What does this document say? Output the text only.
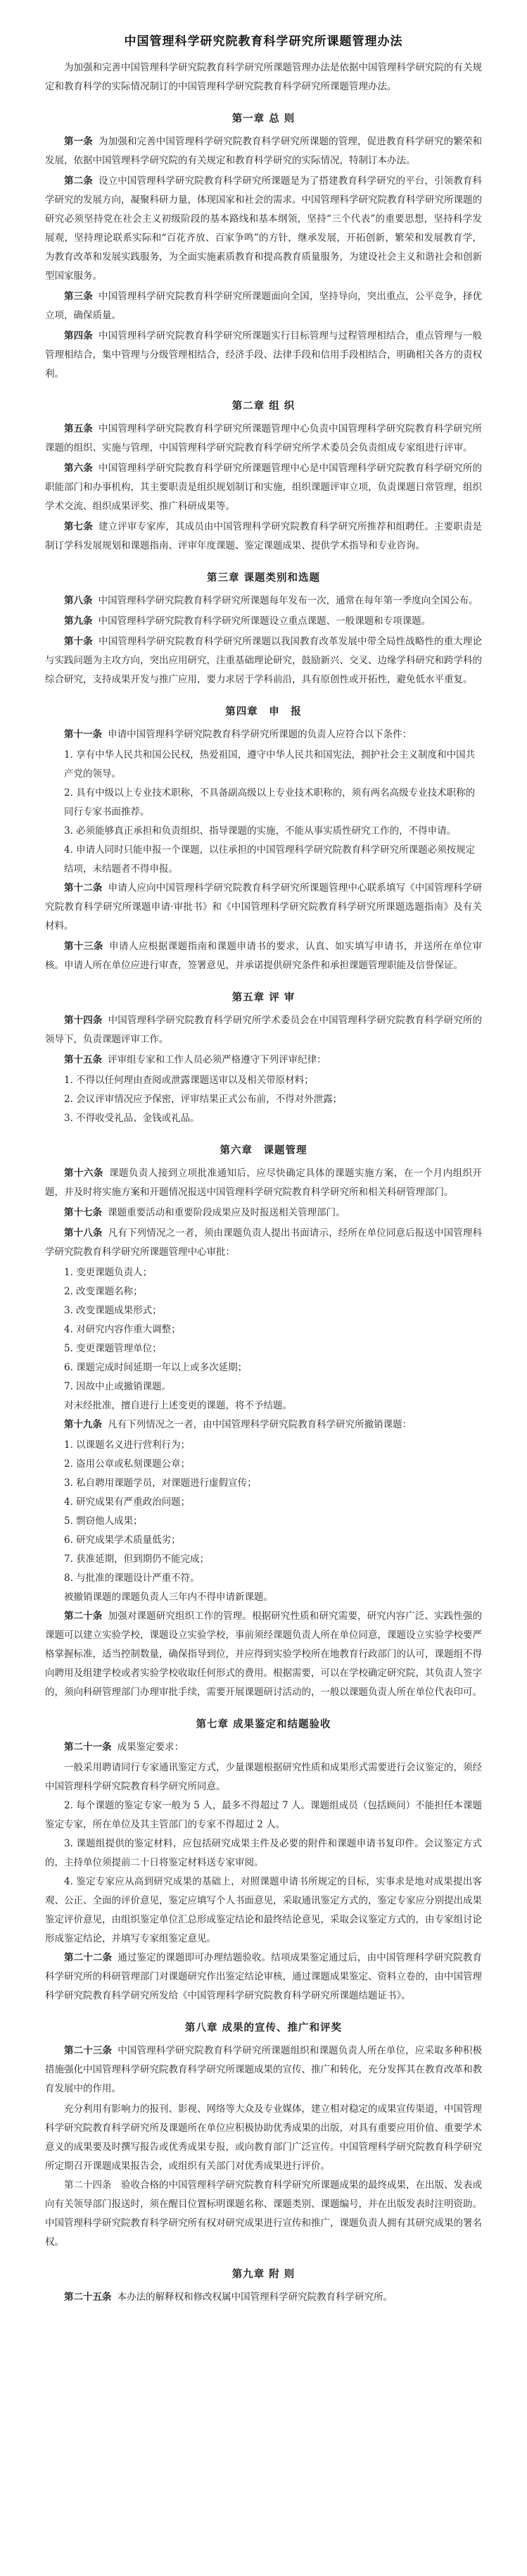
中国管理科学研究院教育科学研究所课题管理办法

为加强和完善中国管理科学研究院教育科学研究所课题管理办法是依据中国管理科学研究院的有关规定和教育科学的实际情况制订的中国管理科学研究院教育科学研究所课题管理办法。

第一章 总 则

第一条 为加强和完善中国管理科学研究院教育科学研究所课题的管理，促进教育科学研究的繁荣和发展，依据中国管理科学研究院的有关规定和教育科学研究的实际情况，特制订本办法。

第二条 设立中国管理科学研究院教育科学研究所课题是为了搭建教育科学研究的平台，引领教育科学研究的发展方向，凝聚科研力量，体现国家和社会的需求。中国管理科学研究院教育科学研究所课题的研究必须坚持党在社会主义初级阶段的基本路线和基本纲领，坚持“三个代表”的重要思想，坚持科学发展观，坚持理论联系实际和“百花齐放、百家争鸣”的方针，继承发展，开拓创新，繁荣和发展教育学，为教育改革和发展实践服务，为全面实施素质教育和提高教育质量服务，为建设社会主义和谐社会和创新型国家服务。

第三条 中国管理科学研究院教育科学研究所课题面向全国，坚持导向，突出重点，公平竞争，择优立项，确保质量。

第四条 中国管理科学研究院教育科学研究所课题实行目标管理与过程管理相结合，重点管理与一般管理相结合，集中管理与分级管理相结合，经济手段、法律手段和信用手段相结合，明确相关各方的责权利。

第二章 组 织

第五条 中国管理科学研究院教育科学研究所课题管理中心负责中国管理科学研究院教育科学研究所课题的组织、实施与管理，中国管理科学研究院教育科学研究所学术委员会负责组成专家组进行评审。

第六条 中国管理科学研究院教育科学研究所课题管理中心是中国管理科学研究院教育科学研究所的职能部门和办事机构，其主要职责是组织规划制订和实施，组织课题评审立项，负责课题日常管理，组织学术交流、组织成果评奖、推广科研成果等。

第七条 建立评审专家库，其成员由中国管理科学研究院教育科学研究所推荐和组聘任。主要职责是制订学科发展规划和课题指南、评审年度课题、鉴定课题成果、提供学术指导和专业咨询。

第三章 课题类别和选题

第八条 中国管理科学研究院教育科学研究所课题每年发布一次，通常在每年第一季度向全国公布。

第九条 中国管理科学研究院教育科学研究所课题设立重点课题、一般课题和专项课题。

第十条 中国管理科学研究院教育科学研究所课题以我国教育改革发展中带全局性战略性的重大理论与实践问题为主攻方向，突出应用研究，注重基础理论研究，鼓励新兴、交叉、边缘学科研究和跨学科的综合研究，支持成果开发与推广应用，要力求居于学科前沿，具有原创性或开拓性，避免低水平重复。

第四章　申　报

第十一条 申请中国管理科学研究院教育科学研究所课题的负责人应符合以下条件：

1. 享有中华人民共和国公民权，热爱祖国，遵守中华人民共和国宪法，拥护社会主义制度和中国共产党的领导。

2. 具有中级以上专业技术职称，不具备副高级以上专业技术职称的，须有两名高级专业技术职称的同行专家书面推荐。

3. 必须能够真正承担和负责组织、指导课题的实施，不能从事实质性研究工作的，不得申请。

4. 申请人同时只能申报一个课题，以往承担的中国管理科学研究院教育科学研究所课题必须按规定结项，未结题者不得申报。

第十二条 申请人应向中国管理科学研究院教育科学研究所课题管理中心联系填写《中国管理科学研究院教育科学研究所课题申请·审批书》和《中国管理科学研究院教育科学研究所课题选题指南》及有关材料。

第十三条 申请人应根据课题指南和课题申请书的要求，认真、如实填写申请书，并送所在单位审核。申请人所在单位应进行审查，签署意见，并承诺提供研究条件和承担课题管理职能及信誉保证。

第五章 评 审

第十四条 中国管理科学研究院教育科学研究所学术委员会在中国管理科学研究院教育科学研究所的领导下，负责课题评审工作。

第十五条 评审组专家和工作人员必须严格遵守下列评审纪律：

1. 不得以任何理由查阅或泄露课题送审以及相关带原材料；

2. 会议评审情况应予保密，评审结果正式公布前，不得对外泄露；

3. 不得收受礼品、金钱或礼品。

第六章　课题管理

第十六条 课题负责人接到立项批准通知后，应尽快确定具体的课题实施方案，在一个月内组织开题，并及时将实施方案和开题情况报送中国管理科学研究院教育科学研究所和相关科研管理部门。

第十七条 课题重要活动和重要阶段成果应及时报送相关管理部门。

第十八条 凡有下列情况之一者，须由课题负责人提出书面请示，经所在单位同意后报送中国管理科学研究院教育科学研究所课题管理中心审批：

1. 变更课题负责人；

2. 改变课题名称；

3. 改变课题成果形式；

4. 对研究内容作重大调整；

5. 变更课题管理单位；

6. 课题完成时间延期一年以上或多次延期；

7. 因故中止或撤销课题。

对未经批准，擅自进行上述变更的课题，将不予结题。

第十九条 凡有下列情况之一者，由中国管理科学研究院教育科学研究所撤销课题：

1. 以课题名义进行营利行为；

2. 盗用公章或私刻课题公章；

3. 私自聘用课题学员，对课题进行虚假宣传；

4. 研究成果有严重政治问题；

5. 剽窃他人成果；

6. 研究成果学术质量低劣；

7. 获准延期，但到期仍不能完成；

8. 与批准的课题设计严重不符。

被撤销课题的课题负责人三年内不得申请新课题。

第二十条 加强对课题研究组织工作的管理。根据研究性质和研究需要，研究内容广泛、实践性强的课题可以建立实验学校，课题设立实验学校，事前须经课题负责人所在单位同意，课题设立实验学校要严格掌握标准，适当控制数量，确保指导到位，并应得到实验学校所在地教育行政部门的认可，课题组不得向聘用及组建学校或者实验学校收取任何形式的费用。根据需要，可以在学校确定研究院，其负责人签字的，须向科研管理部门办理审批手续，需要开展课题研讨活动的，一般以课题负责人所在单位代表印可。

第七章 成果鉴定和结题验收

第二十一条 成果鉴定要求：

一般采用聘请同行专家通讯鉴定方式，少量课题根据研究性质和成果形式需要进行会议鉴定的，须经中国管理科学研究院教育科学研究所同意。

2. 每个课题的鉴定专家一般为 5 人，最多不得超过 7 人。课题组成员（包括顾问）不能担任本课题鉴定专家，所在单位及其主管部门的专家不得超过 2 人。

3. 课题组提供的鉴定材料，应包括研究成果主件及必要的附件和课题申请书复印件。会议鉴定方式的，主持单位须提前二十日将鉴定材料送专家审阅。

4. 鉴定专家应从高到研究成果的基础上，对照课题申请书所规定的目标，实事求是地对成果提出客观、公正、全面的评价意见，鉴定应填写个人书面意见，采取通讯鉴定方式的，鉴定专家应分别提出成果鉴定评价意见，由组织鉴定单位汇总形成鉴定结论和最终结论意见，采取会议鉴定方式的，由专家组讨论形成鉴定结论，并填写专家组鉴定意见。

第二十二条 通过鉴定的课题即可办理结题验收。结项成果鉴定通过后，由中国管理科学研究院教育科学研究所的科研管理部门对课题研究作出鉴定结论审核，通过课题成果鉴定、资料立卷的，由中国管理科学研究院教育科学研究所发给《中国管理科学研究院教育科学研究所课题结题证书》。

第八章 成果的宣传、推广和评奖

第二十三条 中国管理科学研究院教育科学研究所课题组织和课题负责人所在单位，应采取多种积极措施强化中国管理科学研究院教育科学研究所课题成果的宣传、推广和转化，充分发挥其在教育改革和教育发展中的作用。

充分利用有影响力的报刊、影视、网络等大众及专业媒体，建立相对稳定的成果宣传渠道，中国管理科学研究院教育科学研究所及课题所在单位应积极协助优秀成果的出版，对具有重要应用价值、重要学术意义的成果要及时撰写报告或优秀成果专报，或向教育部门广泛宣传。中国管理科学研究院教育科学研究所定期召开课题成果报告会，或组织有关部门对优秀成果进行评价。

第二十四条　验收合格的中国管理科学研究院教育科学研究所课题成果的最终成果，在出版、发表或向有关领导部门报送时，须在醒目位置标明课题名称、课题类别、课题编号，并在出版发表时注明资助。中国管理科学研究院教育科学研究所有权对研究成果进行宣传和推广，课题负责人拥有其研究成果的署名权。

第九章 附 则

第二十五条 本办法的解释权和修改权属中国管理科学研究院教育科学研究所。
